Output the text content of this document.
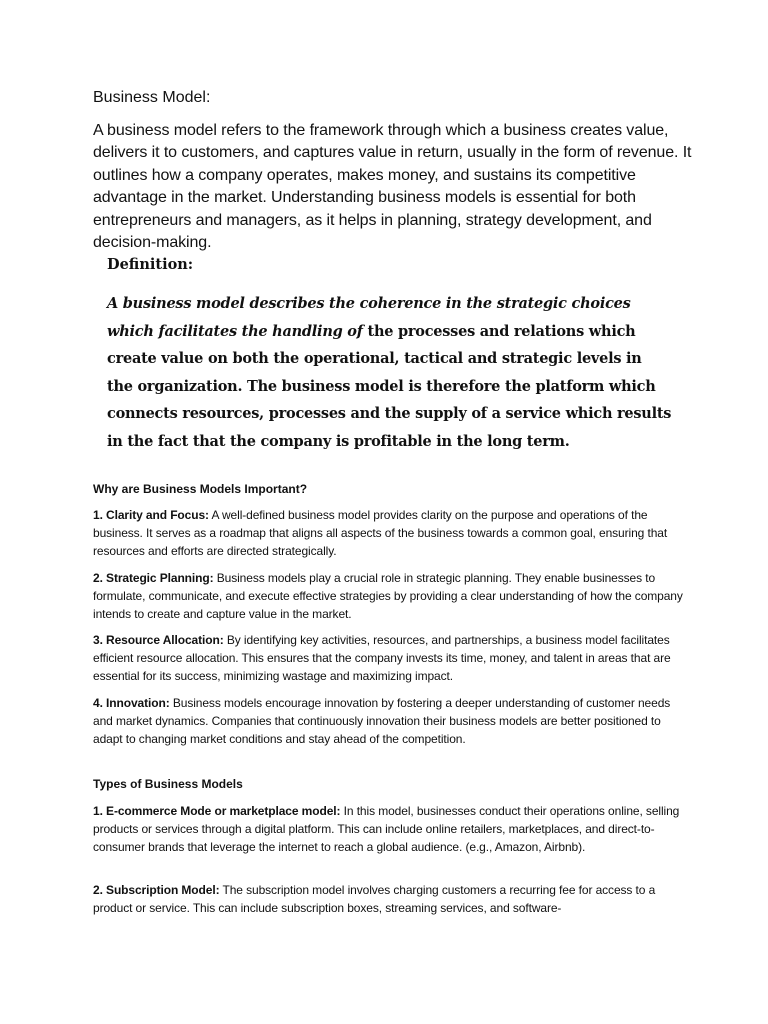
Business Model:

A business model refers to the framework through which a business creates value, delivers it to customers, and captures value in return, usually in the form of revenue. It outlines how a company operates, makes money, and sustains its competitive advantage in the market. Understanding business models is essential for both entrepreneurs and managers, as it helps in planning, strategy development, and decision-making.

Definition:

A business model describes the coherence in the strategic choices which facilitates the handling of the processes and relations which create value on both the operational, tactical and strategic levels in the organization. The business model is therefore the platform which connects resources, processes and the supply of a service which results in the fact that the company is profitable in the long term.

Why are Business Models Important?

1. Clarity and Focus: A well-defined business model provides clarity on the purpose and operations of the business. It serves as a roadmap that aligns all aspects of the business towards a common goal, ensuring that resources and efforts are directed strategically.

2. Strategic Planning: Business models play a crucial role in strategic planning. They enable businesses to formulate, communicate, and execute effective strategies by providing a clear understanding of how the company intends to create and capture value in the market.

3. Resource Allocation: By identifying key activities, resources, and partnerships, a business model facilitates efficient resource allocation. This ensures that the company invests its time, money, and talent in areas that are essential for its success, minimizing wastage and maximizing impact.

4. Innovation: Business models encourage innovation by fostering a deeper understanding of customer needs and market dynamics. Companies that continuously innovation their business models are better positioned to adapt to changing market conditions and stay ahead of the competition.

Types of Business Models

1. E-commerce Mode or marketplace model: In this model, businesses conduct their operations online, selling products or services through a digital platform. This can include online retailers, marketplaces, and direct-to-consumer brands that leverage the internet to reach a global audience. (e.g., Amazon, Airbnb).

2. Subscription Model: The subscription model involves charging customers a recurring fee for access to a product or service. This can include subscription boxes, streaming services, and software-
